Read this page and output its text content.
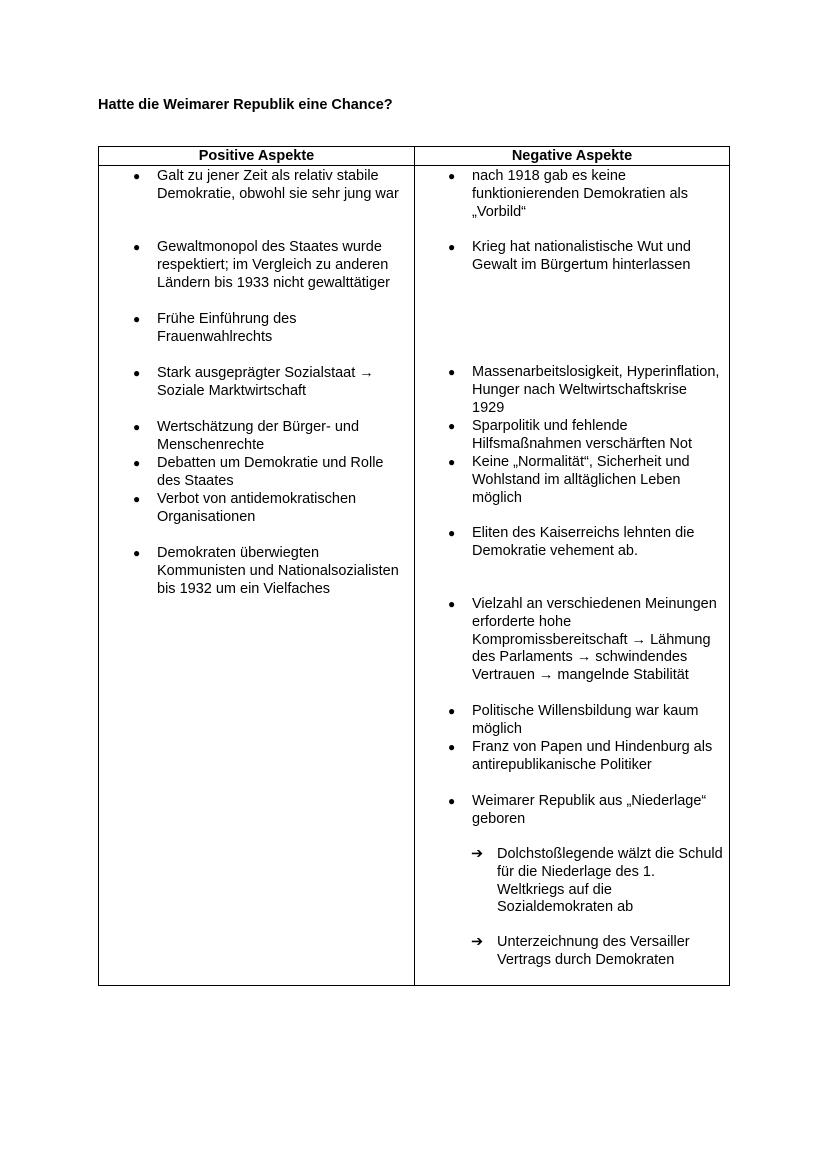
Hatte die Weimarer Republik eine Chance?
Positive Aspekte	Negative Aspekte
● Galt zu jener Zeit als relativ stabile Demokratie, obwohl sie sehr jung war
● Gewaltmonopol des Staates wurde respektiert; im Vergleich zu anderen Ländern bis 1933 nicht gewalttätiger
● Frühe Einführung des Frauenwahlrechts
● Stark ausgeprägter Sozialstaat → Soziale Marktwirtschaft
● Wertschätzung der Bürger- und Menschenrechte
● Debatten um Demokratie und Rolle des Staates
● Verbot von antidemokratischen Organisationen
● Demokraten überwiegten Kommunisten und Nationalsozialisten bis 1932 um ein Vielfaches
● nach 1918 gab es keine funktionierenden Demokratien als „Vorbild“
● Krieg hat nationalistische Wut und Gewalt im Bürgertum hinterlassen
● Massenarbeitslosigkeit, Hyperinflation, Hunger nach Weltwirtschaftskrise 1929
● Sparpolitik und fehlende Hilfsmaßnahmen verschärften Not
● Keine „Normalität“, Sicherheit und Wohlstand im alltäglichen Leben möglich
● Eliten des Kaiserreichs lehnten die Demokratie vehement ab.
● Vielzahl an verschiedenen Meinungen erforderte hohe Kompromissbereitschaft → Lähmung des Parlaments → schwindendes Vertrauen → mangelnde Stabilität
● Politische Willensbildung war kaum möglich
● Franz von Papen und Hindenburg als antirepublikanische Politiker
● Weimarer Republik aus „Niederlage“ geboren
➔ Dolchstoßlegende wälzt die Schuld für die Niederlage des 1. Weltkriegs auf die Sozialdemokraten ab
➔ Unterzeichnung des Versailler Vertrags durch Demokraten
